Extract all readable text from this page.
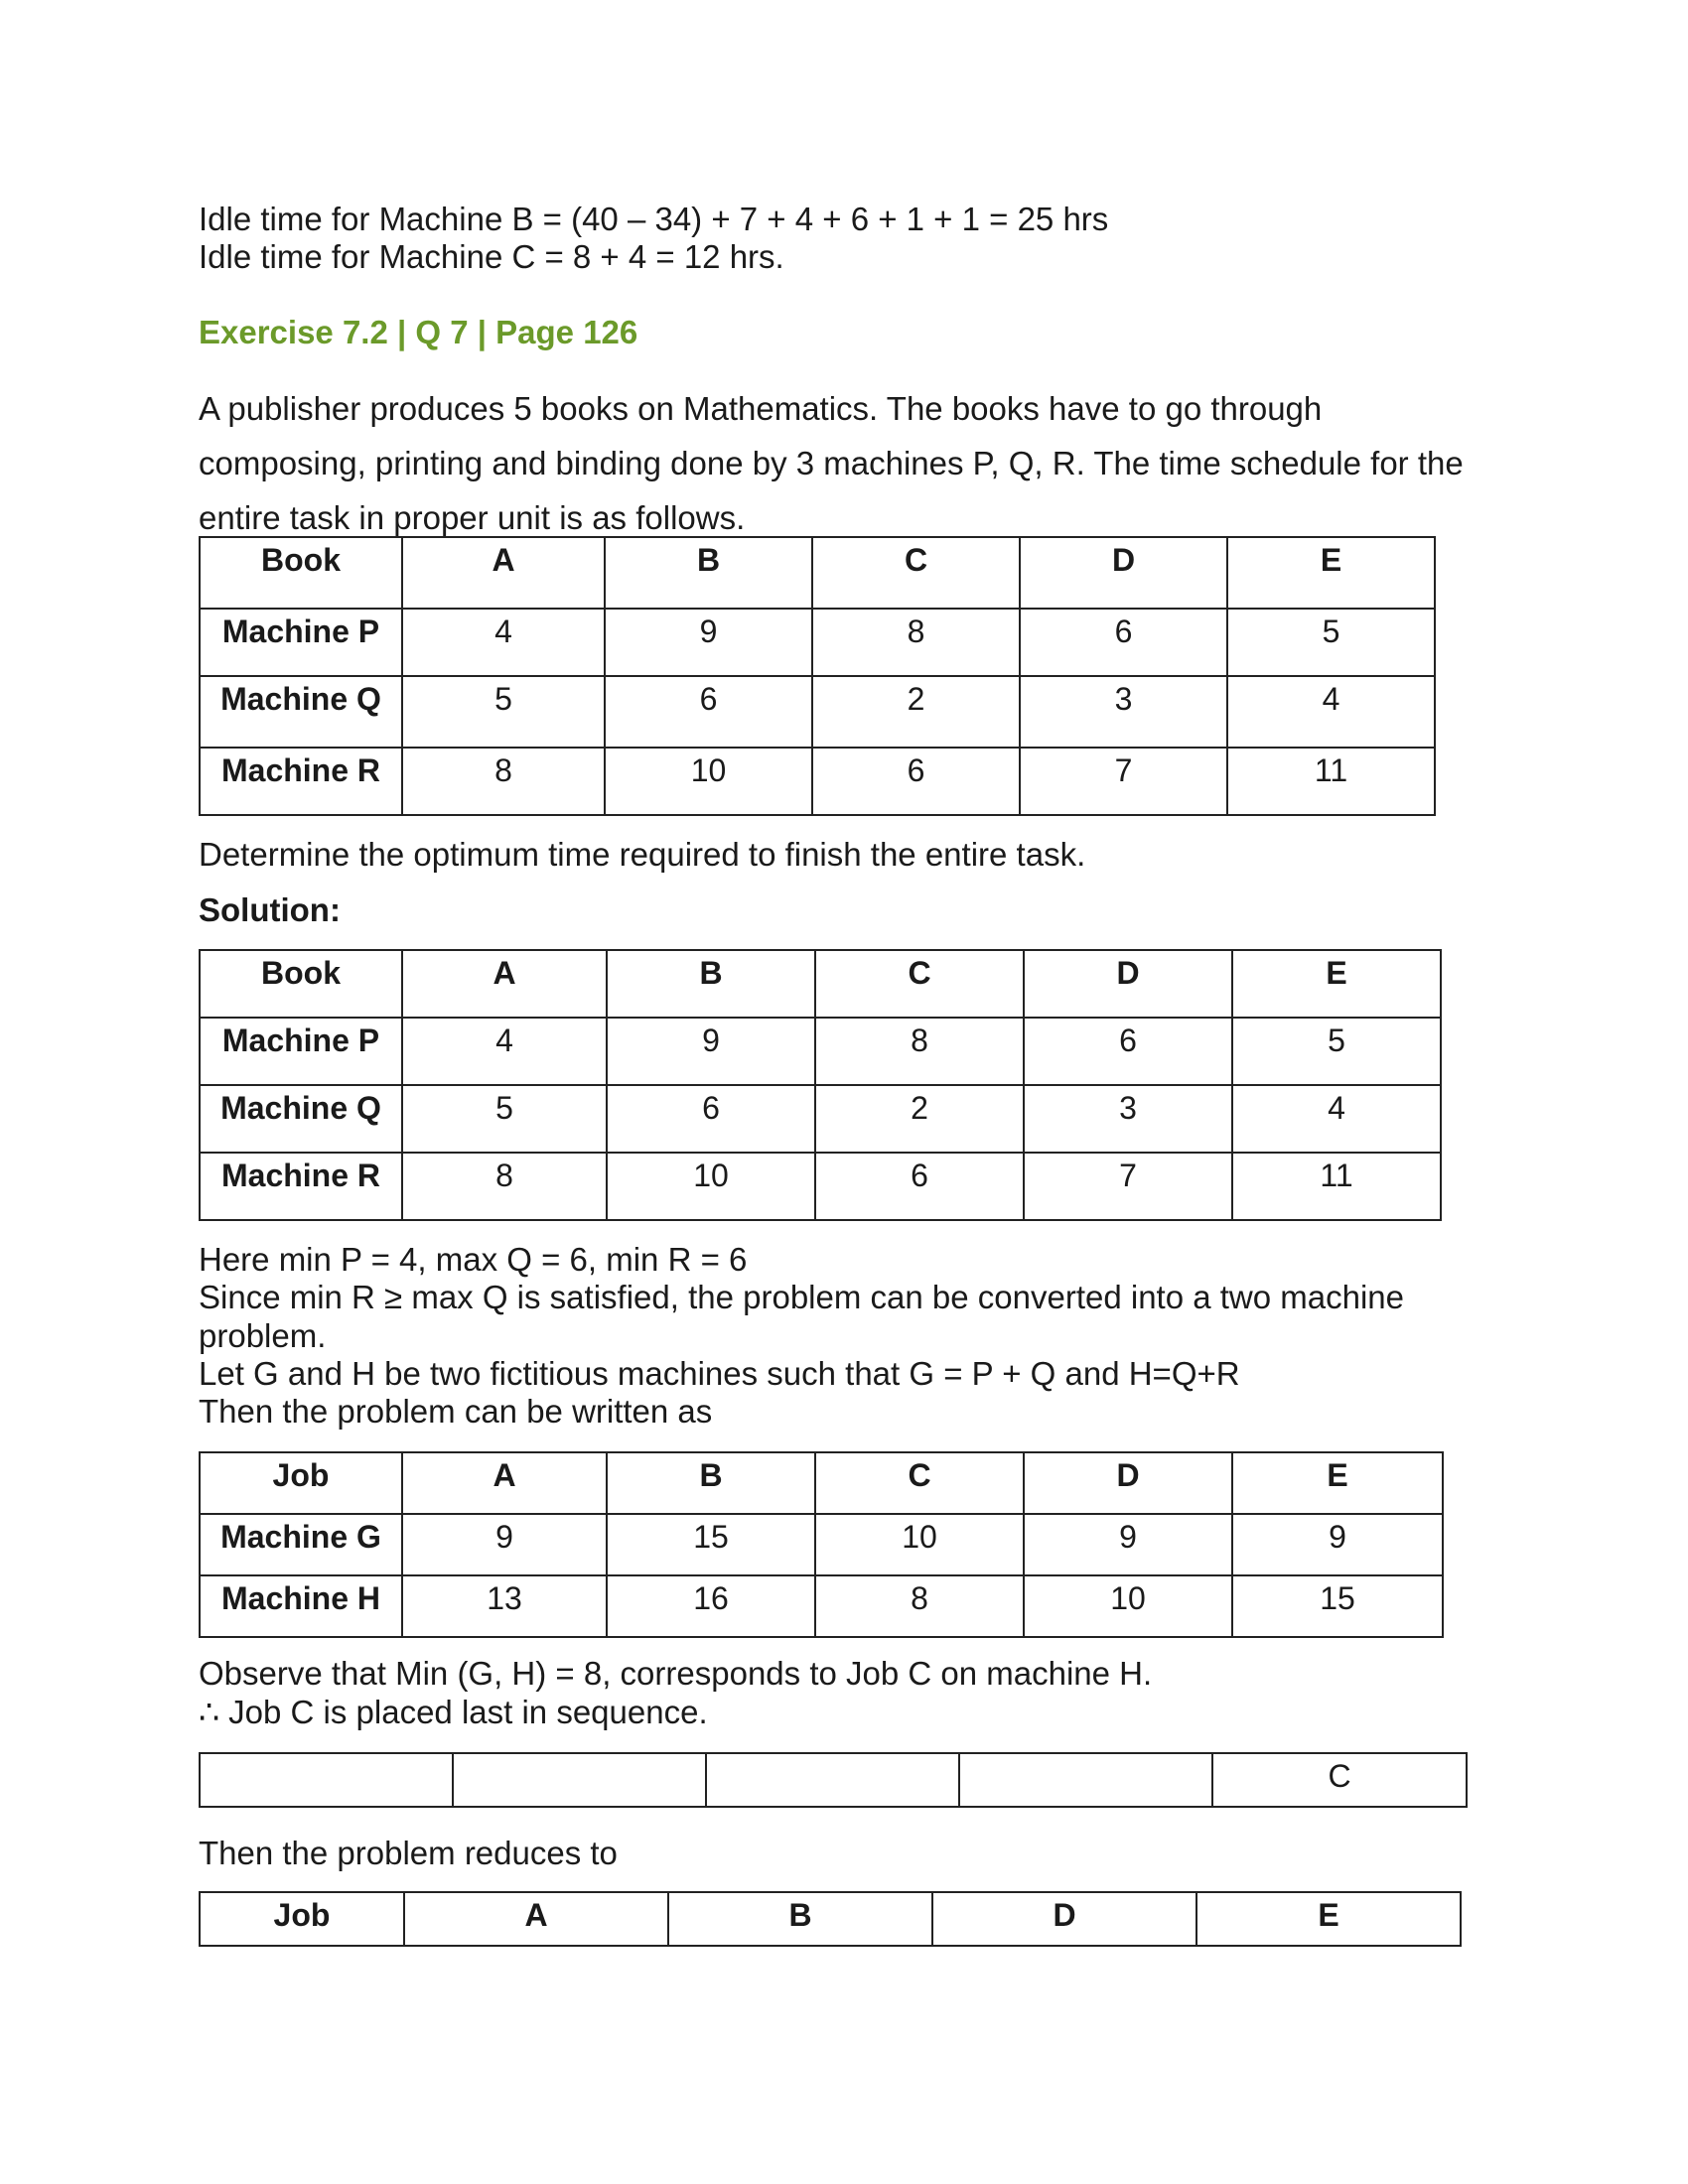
Idle time for Machine B = (40 – 34) + 7 + 4 + 6 + 1 + 1 = 25 hrs
Idle time for Machine C = 8 + 4 = 12 hrs.
Exercise 7.2 | Q 7 | Page 126
A publisher produces 5 books on Mathematics. The books have to go through
composing, printing and binding done by 3 machines P, Q, R. The time schedule for the
entire task in proper unit is as follows.
Book	A	B	C	D	E
Machine P	4	9	8	6	5
Machine Q	5	6	2	3	4
Machine R	8	10	6	7	11
Determine the optimum time required to finish the entire task.
Solution:
Book	A	B	C	D	E
Machine P	4	9	8	6	5
Machine Q	5	6	2	3	4
Machine R	8	10	6	7	11
Here min P = 4, max Q = 6, min R = 6
Since min R ≥ max Q is satisfied, the problem can be converted into a two machine
problem.
Let G and H be two fictitious machines such that G = P + Q and H=Q+R
Then the problem can be written as
Job	A	B	C	D	E
Machine G	9	15	10	9	9
Machine H	13	16	8	10	15
Observe that Min (G, H) = 8, corresponds to Job C on machine H.
∴ Job C is placed last in sequence.
				C
Then the problem reduces to
Job	A	B	D	E
